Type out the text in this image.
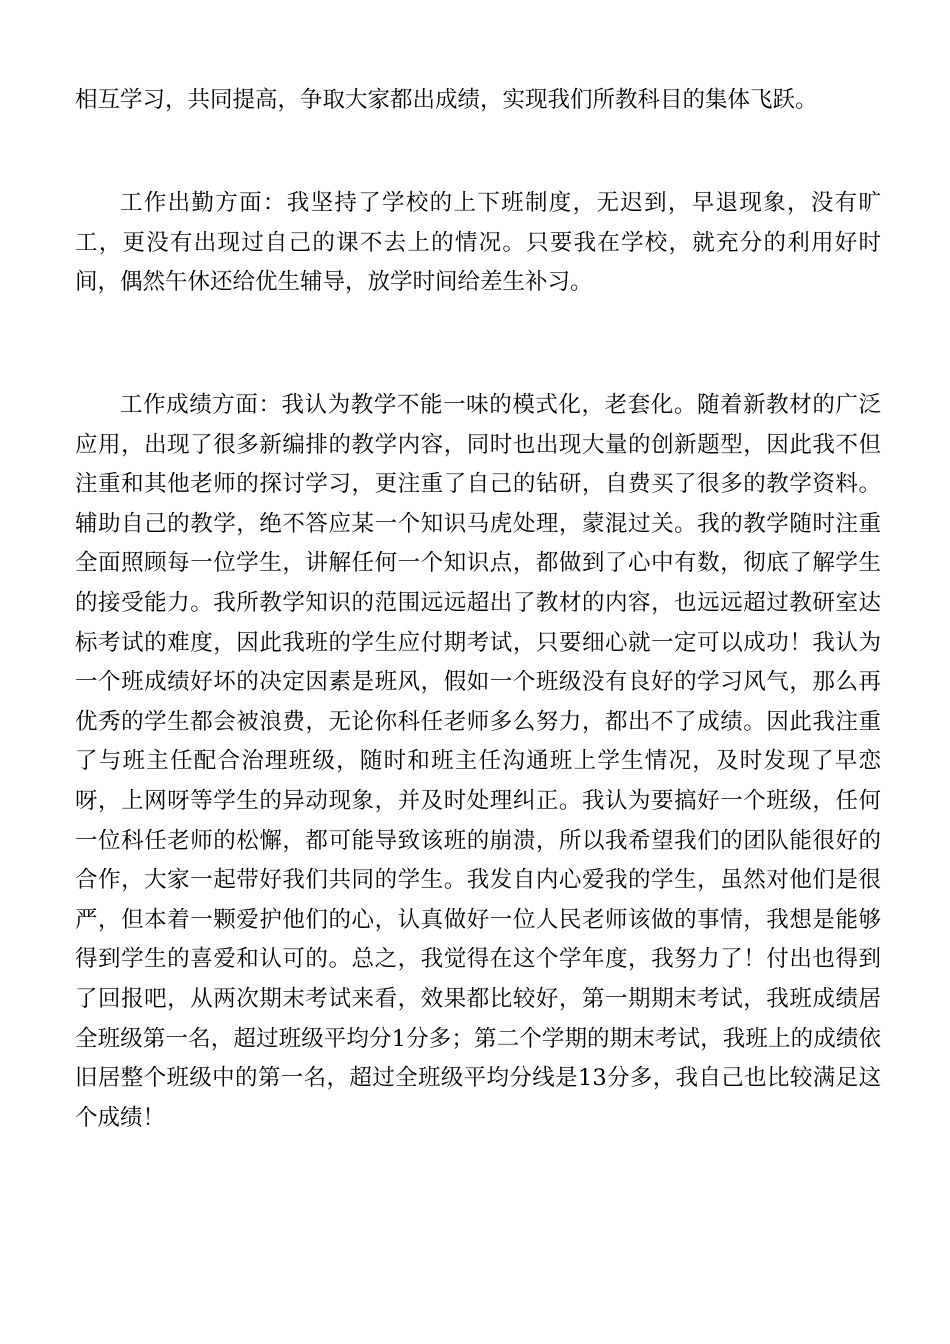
相互学习，共同提高，争取大家都出成绩，实现我们所教科目的集体飞跃。

工作出勤方面：我坚持了学校的上下班制度，无迟到，早退现象，没有旷工，更没有出现过自己的课不去上的情况。只要我在学校，就充分的利用好时间，偶然午休还给优生辅导，放学时间给差生补习。

工作成绩方面：我认为教学不能一味的模式化，老套化。随着新教材的广泛应用，出现了很多新编排的教学内容，同时也出现大量的创新题型，因此我不但注重和其他老师的探讨学习，更注重了自己的钻研，自费买了很多的教学资料。辅助自己的教学，绝不答应某一个知识马虎处理，蒙混过关。我的教学随时注重全面照顾每一位学生，讲解任何一个知识点，都做到了心中有数，彻底了解学生的接受能力。我所教学知识的范围远远超出了教材的内容，也远远超过教研室达标考试的难度，因此我班的学生应付期考试，只要细心就一定可以成功！我认为一个班成绩好坏的决定因素是班风，假如一个班级没有良好的学习风气，那么再优秀的学生都会被浪费，无论你科任老师多么努力，都出不了成绩。因此我注重了与班主任配合治理班级，随时和班主任沟通班上学生情况，及时发现了早恋呀，上网呀等学生的异动现象，并及时处理纠正。我认为要搞好一个班级，任何一位科任老师的松懈，都可能导致该班的崩溃，所以我希望我们的团队能很好的合作，大家一起带好我们共同的学生。我发自内心爱我的学生，虽然对他们是很严，但本着一颗爱护他们的心，认真做好一位人民老师该做的事情，我想是能够得到学生的喜爱和认可的。总之，我觉得在这个学年度，我努力了！付出也得到了回报吧，从两次期末考试来看，效果都比较好，第一期期末考试，我班成绩居全班级第一名，超过班级平均分1分多；第二个学期的期末考试，我班上的成绩依旧居整个班级中的第一名，超过全班级平均分线是13分多，我自己也比较满足这个成绩！
